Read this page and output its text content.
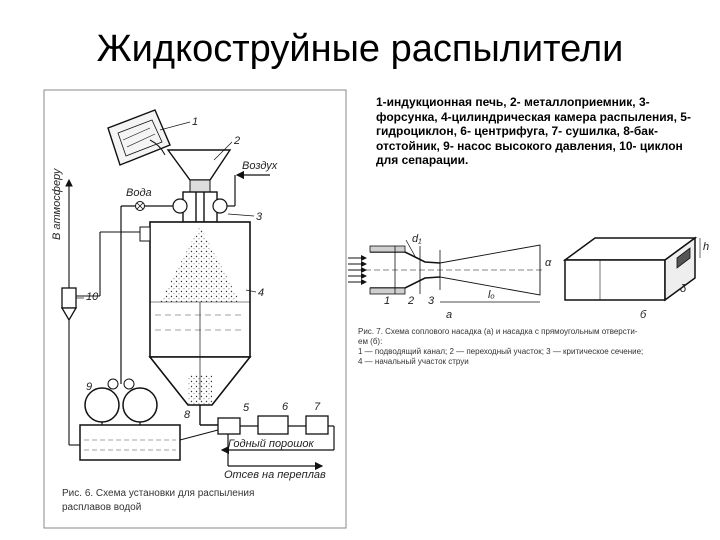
Жидкоструйные распылители
1-индукционная печь, 2- металлоприемник, 3- форсунка, 4-цилиндрическая камера распыления, 5- гидроциклон, 6- центрифуга, 7- сушилка, 8-бак- отстойник, 9- насос высокого давления, 10- циклон для сепарации.
1
2
3
4
5	6 7
8
9
10
Вода
Воздух
В атмосферу
Годный порошок
Отсев на переплав
Рис. 6. Схема установки для распыления
расплавов водой
d₁
α
1 2 3	lₒ
a
h
δ
б
Рис. 7. Схема соплового насадка (а) и насадка с прямоугольным отверсти-
ем (б):
1 — подводящий канал; 2 — переходный участок; 3 — критическое сечение;
4 — начальный участок струи
